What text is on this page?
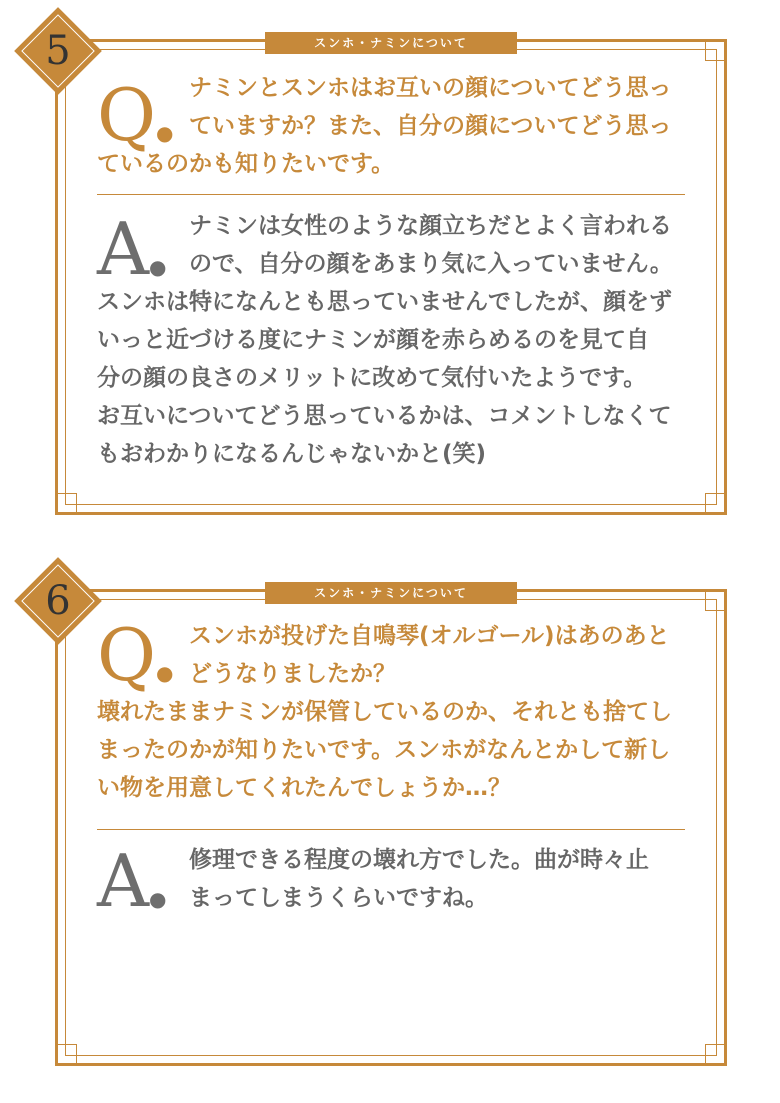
スンホ・ナミンについて
5
Q ●
ナミンとスンホはお互いの顔についてどう思っ
ていますか？また、自分の顔についてどう思っ
ているのかも知りたいです。
A ●
ナミンは女性のような顔立ちだとよく言われる
ので、自分の顔をあまり気に入っていません。
スンホは特になんとも思っていませんでしたが、顔をず
いっと近づける度にナミンが顔を赤らめるのを見て自
分の顔の良さのメリットに改めて気付いたようです。
お互いについてどう思っているかは、コメントしなくて
もおわかりになるんじゃないかと(笑)
スンホ・ナミンについて
6
Q ●
スンホが投げた自鳴琴(オルゴール)はあのあと
どうなりましたか？
壊れたままナミンが保管しているのか、それとも捨てし
まったのかが知りたいです。スンホがなんとかして新し
い物を用意してくれたんでしょうか…？
A ●
修理できる程度の壊れ方でした。曲が時々止
まってしまうくらいですね。
